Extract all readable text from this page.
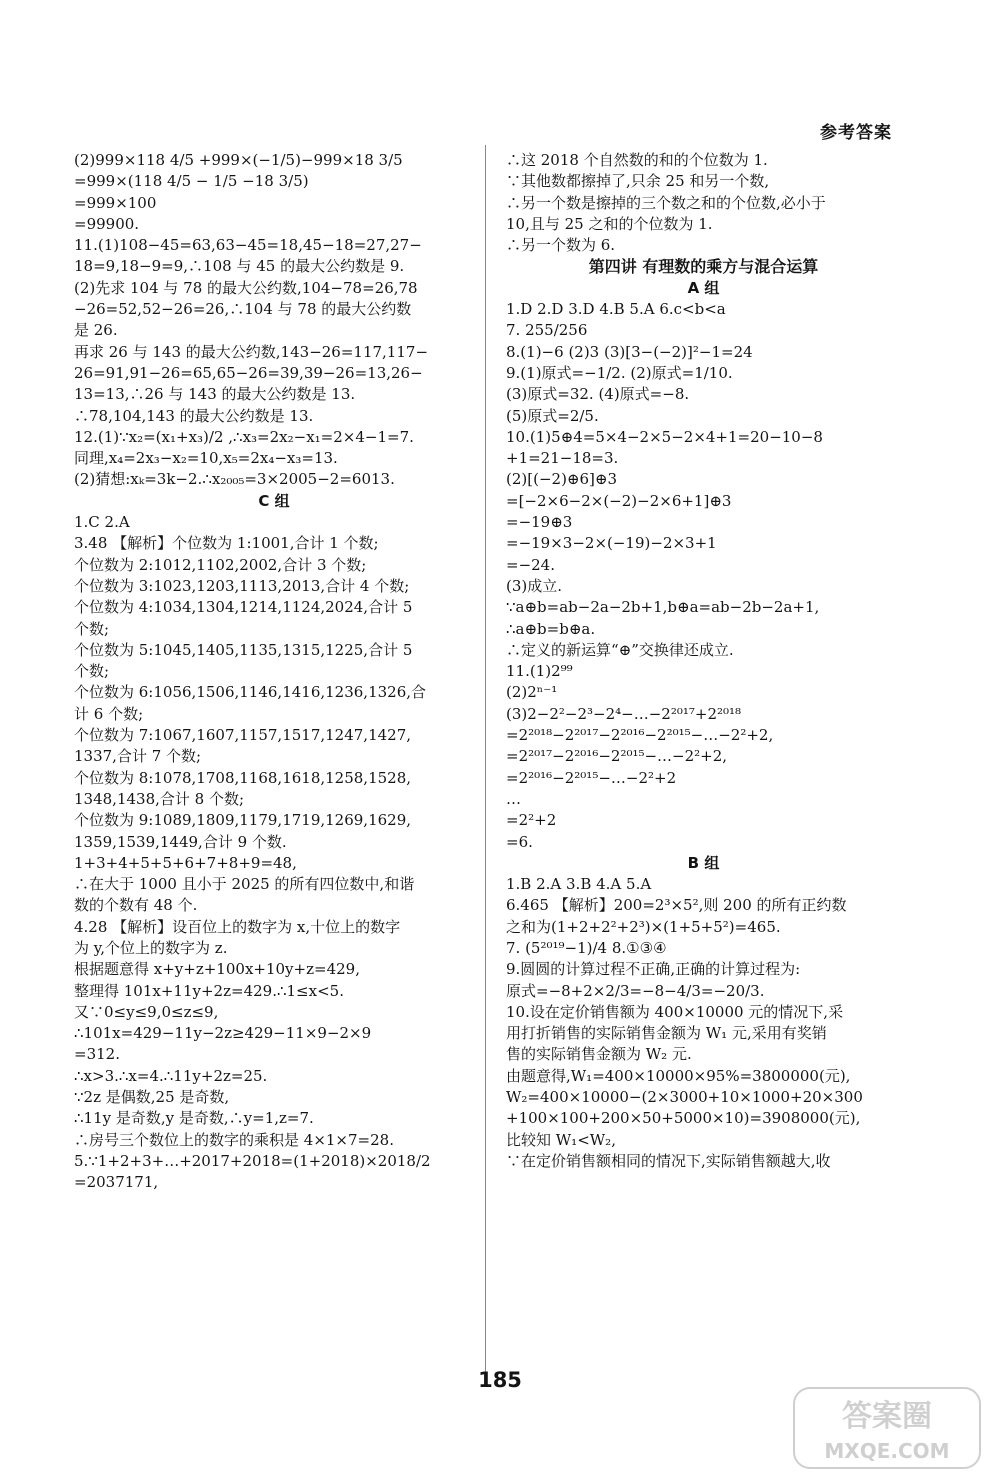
参考答案
(2)999×118 4/5 +999×(−1/5)−999×18 3/5
=999×(118 4/5 − 1/5 −18 3/5)
=999×100
=99900.
11.(1)108−45=63,63−45=18,45−18=27,27−
18=9,18−9=9,∴108 与 45 的最大公约数是 9.
(2)先求 104 与 78 的最大公约数,104−78=26,78
−26=52,52−26=26,∴104 与 78 的最大公约数
是 26.
再求 26 与 143 的最大公约数,143−26=117,117−
26=91,91−26=65,65−26=39,39−26=13,26−
13=13,∴26 与 143 的最大公约数是 13.
∴78,104,143 的最大公约数是 13.
12.(1)∵x₂=(x₁+x₃)/2 ,∴x₃=2x₂−x₁=2×4−1=7.
同理,x₄=2x₃−x₂=10,x₅=2x₄−x₃=13.
(2)猜想:xₖ=3k−2.∴x₂₀₀₅=3×2005−2=6013.
C 组
1.C 2.A
3.48 【解析】个位数为 1:1001,合计 1 个数;
个位数为 2:1012,1102,2002,合计 3 个数;
个位数为 3:1023,1203,1113,2013,合计 4 个数;
个位数为 4:1034,1304,1214,1124,2024,合计 5
个数;
个位数为 5:1045,1405,1135,1315,1225,合计 5
个数;
个位数为 6:1056,1506,1146,1416,1236,1326,合
计 6 个数;
个位数为 7:1067,1607,1157,1517,1247,1427,
1337,合计 7 个数;
个位数为 8:1078,1708,1168,1618,1258,1528,
1348,1438,合计 8 个数;
个位数为 9:1089,1809,1179,1719,1269,1629,
1359,1539,1449,合计 9 个数.
1+3+4+5+5+6+7+8+9=48,
∴在大于 1000 且小于 2025 的所有四位数中,和谐
数的个数有 48 个.
4.28 【解析】设百位上的数字为 x,十位上的数字
为 y,个位上的数字为 z.
根据题意得 x+y+z+100x+10y+z=429,
整理得 101x+11y+2z=429.∴1≤x<5.
又∵0≤y≤9,0≤z≤9,
∴101x=429−11y−2z≥429−11×9−2×9
=312.
∴x>3.∴x=4.∴11y+2z=25.
∵2z 是偶数,25 是奇数,
∴11y 是奇数,y 是奇数,∴y=1,z=7.
∴房号三个数位上的数字的乘积是 4×1×7=28.
5.∵1+2+3+…+2017+2018=(1+2018)×2018/2
=2037171,
∴这 2018 个自然数的和的个位数为 1.
∵其他数都擦掉了,只余 25 和另一个数,
∴另一个数是擦掉的三个数之和的个位数,必小于
10,且与 25 之和的个位数为 1.
∴另一个数为 6.
第四讲 有理数的乘方与混合运算
A 组
1.D 2.D 3.D 4.B 5.A 6.c<b<a
7. 255/256
8.(1)−6 (2)3 (3)[3−(−2)]²−1=24
9.(1)原式=−1/2. (2)原式=1/10.
(3)原式=32. (4)原式=−8.
(5)原式=2/5.
10.(1)5⊕4=5×4−2×5−2×4+1=20−10−8
+1=21−18=3.
(2)[(−2)⊕6]⊕3
=[−2×6−2×(−2)−2×6+1]⊕3
=−19⊕3
=−19×3−2×(−19)−2×3+1
=−24.
(3)成立.
∵a⊕b=ab−2a−2b+1,b⊕a=ab−2b−2a+1,
∴a⊕b=b⊕a.
∴定义的新运算“⊕”交换律还成立.
11.(1)2⁹⁹
(2)2ⁿ⁻¹
(3)2−2²−2³−2⁴−…−2²⁰¹⁷+2²⁰¹⁸
=2²⁰¹⁸−2²⁰¹⁷−2²⁰¹⁶−2²⁰¹⁵−…−2²+2,
=2²⁰¹⁷−2²⁰¹⁶−2²⁰¹⁵−…−2²+2,
=2²⁰¹⁶−2²⁰¹⁵−…−2²+2
…
=2²+2
=6.
B 组
1.B 2.A 3.B 4.A 5.A
6.465 【解析】200=2³×5²,则 200 的所有正约数
之和为(1+2+2²+2³)×(1+5+5²)=465.
7. (5²⁰¹⁹−1)/4 8.①③④
9.圆圆的计算过程不正确,正确的计算过程为:
原式=−8+2×2/3=−8−4/3=−20/3.
10.设在定价销售额为 400×10000 元的情况下,采
用打折销售的实际销售金额为 W₁ 元,采用有奖销
售的实际销售金额为 W₂ 元.
由题意得,W₁=400×10000×95%=3800000(元),
W₂=400×10000−(2×3000+10×1000+20×300
+100×100+200×50+5000×10)=3908000(元),
比较知 W₁<W₂,
∵在定价销售额相同的情况下,实际销售额越大,收
185
答案圈
MXQE.COM
